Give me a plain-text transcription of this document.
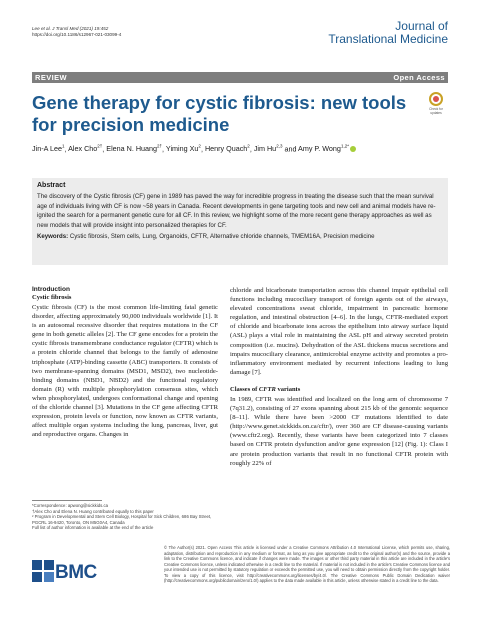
Lee et al. J Transl Med (2021) 19:452
https://doi.org/10.1186/s12967-021-03099-4
Journal of
Translational Medicine
REVIEW	Open Access
Gene therapy for cystic fibrosis: new tools for precision medicine
Check for updates
Jin-A Lee$^1$, Alex Cho$^{2\dagger}$, Elena N. Huang$^{2\dagger}$, Yiming Xu$^2$, Henry Quach$^2$, Jim Hu$^{2,3}$ and Amy P. Wong$^{1,2*}$
Abstract

The discovery of the Cystic fibrosis (CF) gene in 1989 has paved the way for incredible progress in treating the disease such that the mean survival age of individuals living with CF is now ~58 years in Canada. Recent developments in gene targeting tools and new cell and animal models have re-ignited the search for a permanent genetic cure for all CF. In this review, we highlight some of the more recent gene therapy approaches as well as new models that will provide insight into personalized therapies for CF.

Keywords: Cystic fibrosis, Stem cells, Lung, Organoids, CFTR, Alternative chloride channels, TMEM16A, Precision medicine

Introduction
Cystic fibrosis

Cystic fibrosis (CF) is the most common life-limiting fatal genetic disorder, affecting approximately 90,000 individuals worldwide [1]. It is an autosomal recessive disorder that requires mutations in the CF gene in both genetic alleles [2]. The CF gene encodes for a protein the cystic fibrosis transmembrane conductance regulator (CFTR) which is a protein chloride channel that belongs to the family of adenosine triphosphate (ATP)-binding cassette (ABC) transporters. It consists of two membrane-spanning domains (MSD1, MSD2), two nucleotide-binding domains (NBD1, NBD2) and the functional regulatory domain (R) with multiple phosphorylation consensus sites, which when phosphorylated, undergoes conformational change and opening of the chloride channel [3]. Mutations in the CF gene affecting CFTR expression, protein levels or function, now known as CFTR variants, affect multiple organ systems including the lung, pancreas, liver, gut and reproductive organs. Changes in

*Correspondence: apwong@sickkids.ca
†Alex Cho and Elena N. Huang contributed equally to this paper
² Program in Developmental and Stem Cell Biology, Hospital for Sick Children, 686 Bay Street, PGCRL 16-9420, Toronto, ON M5G0A4, Canada
Full list of author information is available at the end of the article

chloride and bicarbonate transportation across this channel impair epithelial cell functions including mucociliary transport of foreign agents out of the airways, elevated concentrations sweat chloride, impairment in pancreatic hormone regulation, and intestinal obstruction [4–6]. In the lungs, CFTR-mediated export of chloride and bicarbonate ions across the epithelium into airway surface liquid (ASL) plays a vital role in maintaining the ASL pH and airway secreted protein composition (i.e. mucins). Dehydration of the ASL thickens mucus secretions and impairs mucociliary clearance, antimicrobial enzyme activity and promotes a pro-inflammatory environment mediated by recurrent infections leading to lung damage [7].

Classes of CFTR variants

In 1989, CFTR was identified and localized on the long arm of chromosome 7 (7q31.2), consisting of 27 exons spanning about 215 kb of the genomic sequence [8–11]. While there have been >2000 CF mutations identified to date (http://www.genet.sickkids.on.ca/cftr/), over 360 are CF disease-causing variants (www.cftr2.org). Recently, these variants have been categorized into 7 classes based on CFTR protein dysfunction and/or gene expression [12] (Fig. 1): Class I are protein production variants that result in no functional CFTR protein with roughly 22% of

BMC

© The Author(s) 2021. Open Access This article is licensed under a Creative Commons Attribution 4.0 International License, which permits use, sharing, adaptation, distribution and reproduction in any medium or format, as long as you give appropriate credit to the original author(s) and the source, provide a link to the Creative Commons licence, and indicate if changes were made. The images or other third party material in this article are included in the article's Creative Commons licence, unless indicated otherwise in a credit line to the material. If material is not included in the article's Creative Commons licence and your intended use is not permitted by statutory regulation or exceeds the permitted use, you will need to obtain permission directly from the copyright holder. To view a copy of this licence, visit http://creativecommons.org/licenses/by/4.0/. The Creative Commons Public Domain Dedication waiver (http://creativecommons.org/publicdomain/zero/1.0/) applies to the data made available in this article, unless otherwise stated in a credit line to the data.
